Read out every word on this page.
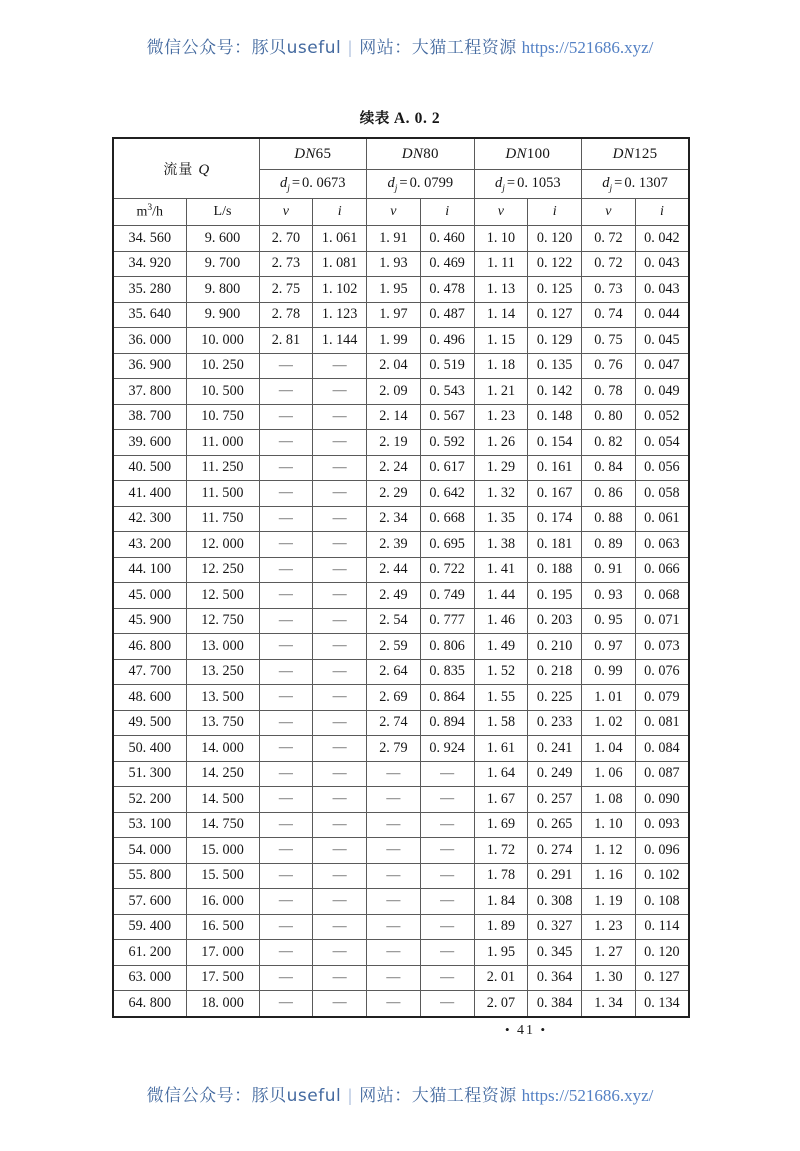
微信公众号：豚贝useful | 网站：大猫工程资源 https://521686.xyz/
续表 A. 0. 2
流量 Q		DN65		DN80		DN100		DN125	
		$d_j = 0$. 0673		$d_j = 0$. 0799		$d_j = 0$. 1053		$d_j = 0$. 1307	
$m^3/h$	L/s	v	i	v	i	v	i	v	i
34. 560	9. 600	2. 70	1. 061	1. 91	0. 460	1. 10	0. 120	0. 72	0. 042
34. 920	9. 700	2. 73	1. 081	1. 93	0. 469	1. 11	0. 122	0. 72	0. 043
35. 280	9. 800	2. 75	1. 102	1. 95	0. 478	1. 13	0. 125	0. 73	0. 043
35. 640	9. 900	2. 78	1. 123	1. 97	0. 487	1. 14	0. 127	0. 74	0. 044
36. 000	10. 000	2. 81	1. 144	1. 99	0. 496	1. 15	0. 129	0. 75	0. 045
36. 900	10. 250	—	—	2. 04	0. 519	1. 18	0. 135	0. 76	0. 047
37. 800	10. 500	—	—	2. 09	0. 543	1. 21	0. 142	0. 78	0. 049
38. 700	10. 750	—	—	2. 14	0. 567	1. 23	0. 148	0. 80	0. 052
39. 600	11. 000	—	—	2. 19	0. 592	1. 26	0. 154	0. 82	0. 054
40. 500	11. 250	—	—	2. 24	0. 617	1. 29	0. 161	0. 84	0. 056
41. 400	11. 500	—	—	2. 29	0. 642	1. 32	0. 167	0. 86	0. 058
42. 300	11. 750	—	—	2. 34	0. 668	1. 35	0. 174	0. 88	0. 061
43. 200	12. 000	—	—	2. 39	0. 695	1. 38	0. 181	0. 89	0. 063
44. 100	12. 250	—	—	2. 44	0. 722	1. 41	0. 188	0. 91	0. 066
45. 000	12. 500	—	—	2. 49	0. 749	1. 44	0. 195	0. 93	0. 068
45. 900	12. 750	—	—	2. 54	0. 777	1. 46	0. 203	0. 95	0. 071
46. 800	13. 000	—	—	2. 59	0. 806	1. 49	0. 210	0. 97	0. 073
47. 700	13. 250	—	—	2. 64	0. 835	1. 52	0. 218	0. 99	0. 076
48. 600	13. 500	—	—	2. 69	0. 864	1. 55	0. 225	1. 01	0. 079
49. 500	13. 750	—	—	2. 74	0. 894	1. 58	0. 233	1. 02	0. 081
50. 400	14. 000	—	—	2. 79	0. 924	1. 61	0. 241	1. 04	0. 084
51. 300	14. 250	—	—	—	—	1. 64	0. 249	1. 06	0. 087
52. 200	14. 500	—	—	—	—	1. 67	0. 257	1. 08	0. 090
53. 100	14. 750	—	—	—	—	1. 69	0. 265	1. 10	0. 093
54. 000	15. 000	—	—	—	—	1. 72	0. 274	1. 12	0. 096
55. 800	15. 500	—	—	—	—	1. 78	0. 291	1. 16	0. 102
57. 600	16. 000	—	—	—	—	1. 84	0. 308	1. 19	0. 108
59. 400	16. 500	—	—	—	—	1. 89	0. 327	1. 23	0. 114
61. 200	17. 000	—	—	—	—	1. 95	0. 345	1. 27	0. 120
63. 000	17. 500	—	—	—	—	2. 01	0. 364	1. 30	0. 127
64. 800	18. 000	—	—	—	—	2. 07	0. 384	1. 34	0. 134
• 41 •
微信公众号：豚贝useful | 网站：大猫工程资源 https://521686.xyz/
